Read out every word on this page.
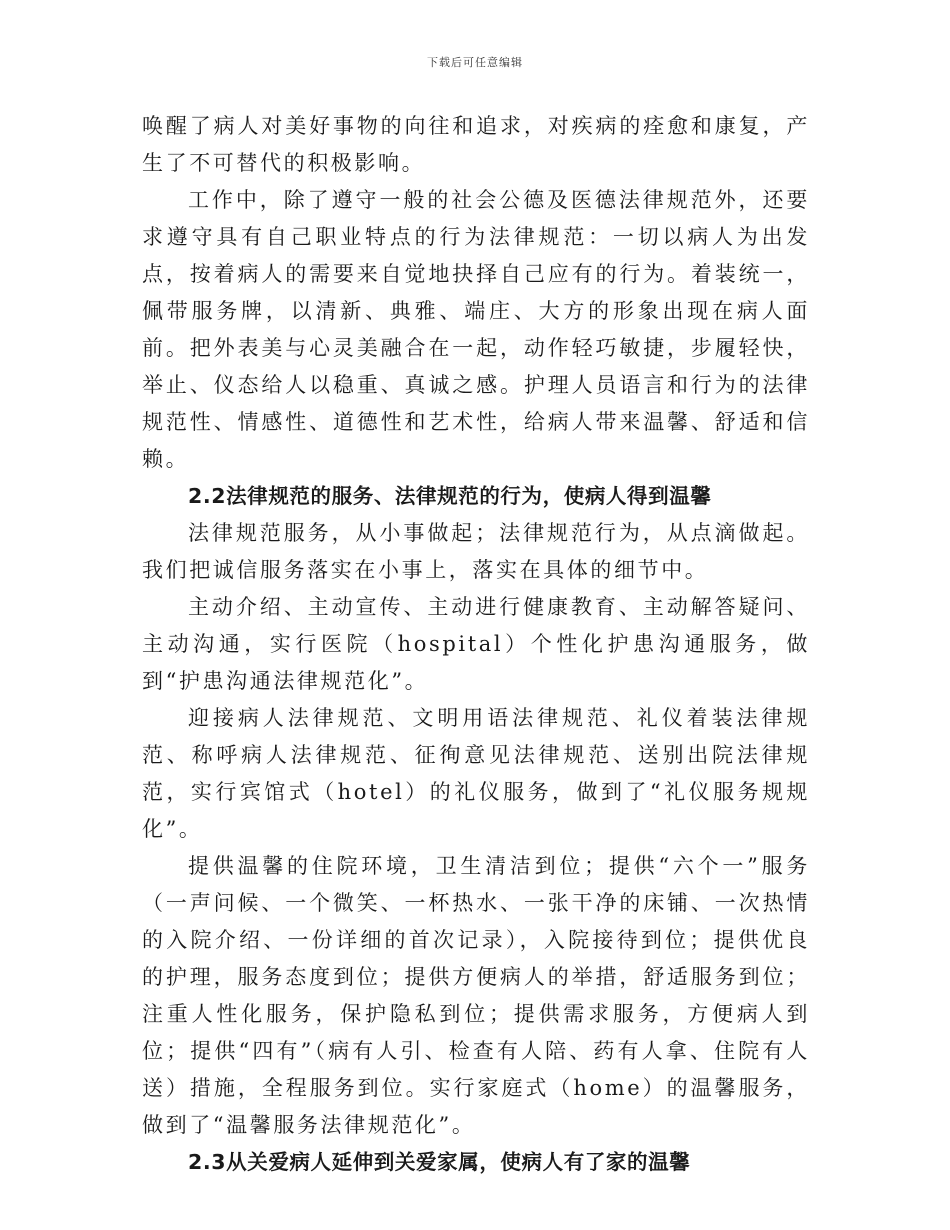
下载后可任意编辑

唤醒了病人对美好事物的向往和追求，对疾病的痊愈和康复，产生了不可替代的积极影响。

工作中，除了遵守一般的社会公德及医德法律规范外，还要求遵守具有自己职业特点的行为法律规范：一切以病人为出发点，按着病人的需要来自觉地抉择自己应有的行为。着装统一，佩带服务牌，以清新、典雅、端庄、大方的形象出现在病人面前。把外表美与心灵美融合在一起，动作轻巧敏捷，步履轻快，举止、仪态给人以稳重、真诚之感。护理人员语言和行为的法律规范性、情感性、道德性和艺术性，给病人带来温馨、舒适和信赖。

2.2法律规范的服务、法律规范的行为，使病人得到温馨

法律规范服务，从小事做起；法律规范行为，从点滴做起。我们把诚信服务落实在小事上，落实在具体的细节中。

主动介绍、主动宣传、主动进行健康教育、主动解答疑问、主动沟通，实行医院（hospital）个性化护患沟通服务，做到“护患沟通法律规范化”。

迎接病人法律规范、文明用语法律规范、礼仪着装法律规范、称呼病人法律规范、征徇意见法律规范、送别出院法律规范，实行宾馆式（hotel）的礼仪服务，做到了“礼仪服务规规化”。

提供温馨的住院环境，卫生清洁到位；提供“六个一”服务（一声问候、一个微笑、一杯热水、一张干净的床铺、一次热情的入院介绍、一份详细的首次记录），入院接待到位；提供优良的护理，服务态度到位；提供方便病人的举措，舒适服务到位；注重人性化服务，保护隐私到位；提供需求服务，方便病人到位；提供“四有”（病有人引、检查有人陪、药有人拿、住院有人送）措施，全程服务到位。实行家庭式（home）的温馨服务，做到了“温馨服务法律规范化”。

2.3从关爱病人延伸到关爱家属，使病人有了家的温馨
